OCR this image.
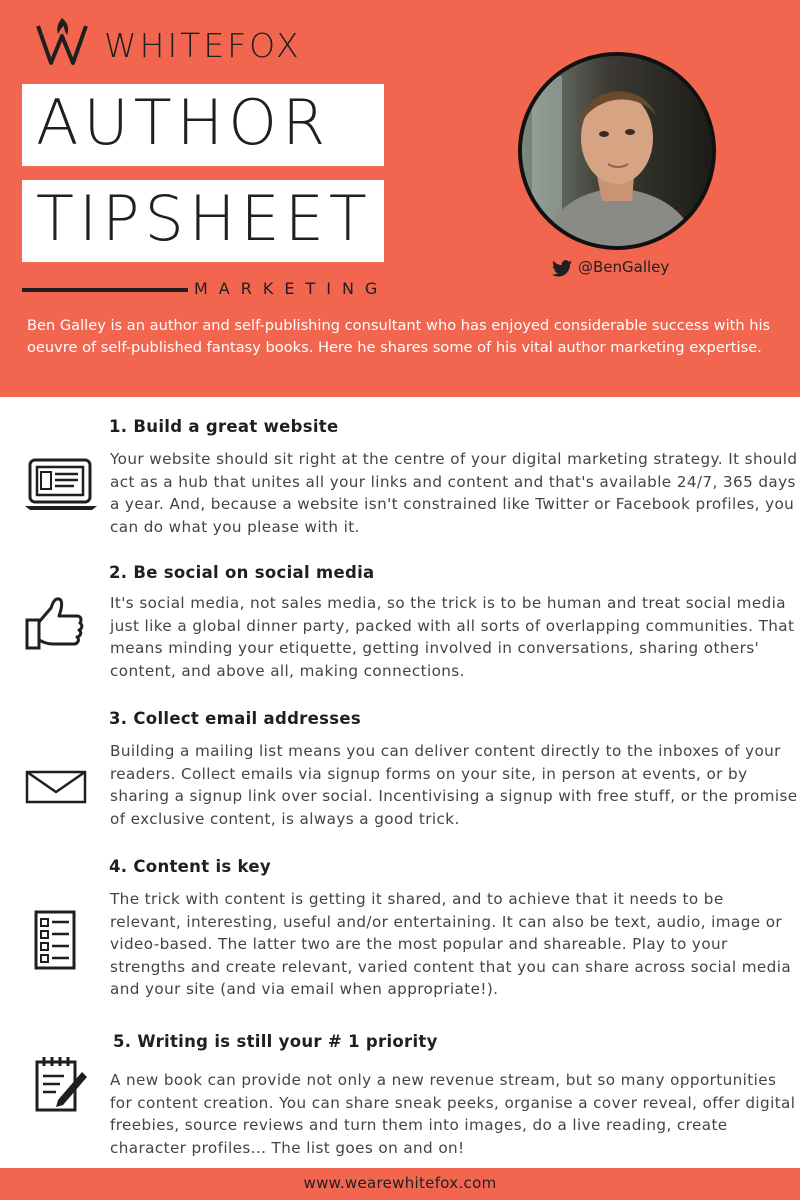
WHITEFOX
AUTHOR
TIPSHEET
MARKETING
@BenGalley
Ben Galley is an author and self-publishing consultant who has enjoyed considerable success with his oeuvre of self-published fantasy books. Here he shares some of his vital author marketing expertise.
1. Build a great website
Your website should sit right at the centre of your digital marketing strategy. It should act as a hub that unites all your links and content and that's available 24/7, 365 days a year. And, because a website isn't constrained like Twitter or Facebook profiles, you can do what you please with it.
2. Be social on social media
It's social media, not sales media, so the trick is to be human and treat social media just like a global dinner party, packed with all sorts of overlapping communities. That means minding your etiquette, getting involved in conversations, sharing others' content, and above all, making connections.
3. Collect email addresses
Building a mailing list means you can deliver content directly to the inboxes of your readers. Collect emails via signup forms on your site, in person at events, or by sharing a signup link over social. Incentivising a signup with free stuff, or the promise of exclusive content, is always a good trick.
4. Content is key
The trick with content is getting it shared, and to achieve that it needs to be relevant, interesting, useful and/or entertaining. It can also be text, audio, image or video-based. The latter two are the most popular and shareable. Play to your strengths and create relevant, varied content that you can share across social media and your site (and via email when appropriate!).
5. Writing is still your # 1 priority
A new book can provide not only a new revenue stream, but so many opportunities for content creation. You can share sneak peeks, organise a cover reveal, offer digital freebies, source reviews and turn them into images, do a live reading, create character profiles... The list goes on and on!
www.wearewhitefox.com
